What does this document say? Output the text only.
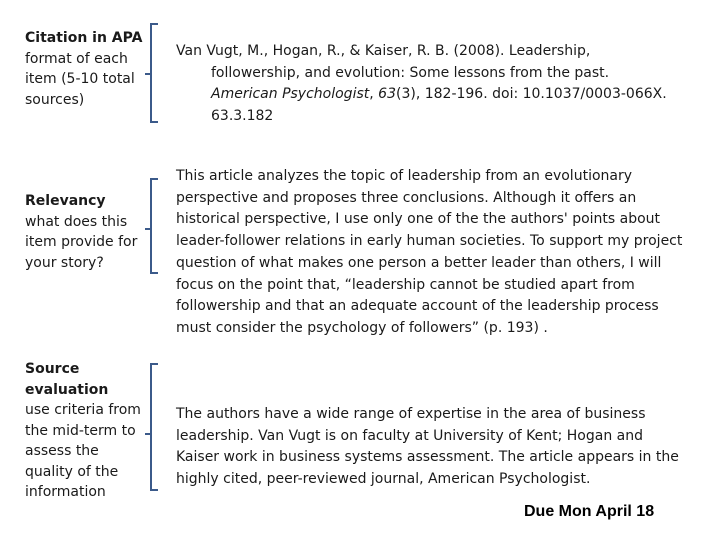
Citation in APA format of each item (5-10 total sources)
Relevancy
what does this item provide for your story?
Source evaluation
use criteria from the mid-term to assess the quality of the information

Van Vugt, M., Hogan, R., & Kaiser, R. B. (2008). Leadership,

followership, and evolution: Some lessons from the past.

American Psychologist, 63(3), 182-196. doi: 10.1037/0003-066X.

63.3.182

This article analyzes the topic of leadership from an evolutionary perspective and proposes three conclusions. Although it offers an historical perspective, I use only one of the the authors' points about leader-follower relations in early human societies. To support my project question of what makes one person a better leader than others, I will focus on the point that, “leadership cannot be studied apart from followership and that an adequate account of the leadership process must consider the psychology of followers” (p. 193) .

The authors have a wide range of expertise in the area of business leadership. Van Vugt is on faculty at University of Kent; Hogan and Kaiser work in business systems assessment. The article appears in the highly cited, peer-reviewed journal, American Psychologist.

Due Mon April 18
